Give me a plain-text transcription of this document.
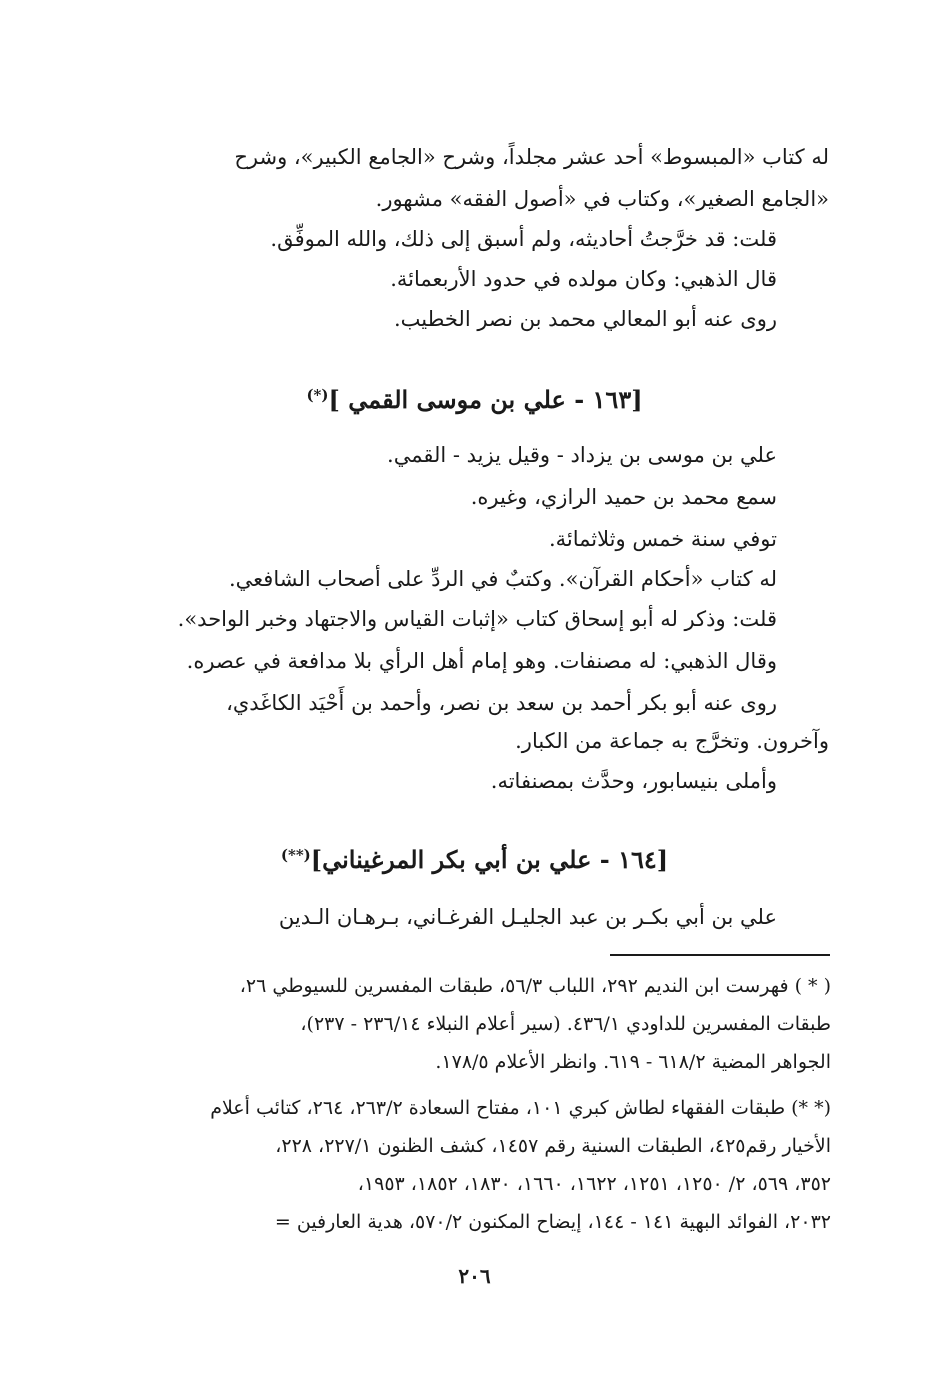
له كتاب «المبسوط» أحد عشر مجلداً، وشرح «الجامع الكبير»، وشرح
«الجامع الصغير»، وكتاب في «أصول الفقه» مشهور.
قلت: قد خرَّجتُ أحاديثه، ولم أسبق إلى ذلك، والله الموفِّق.
قال الذهبي: وكان مولده في حدود الأربعمائة.
روى عنه أبو المعالي محمد بن نصر الخطيب.
[١٦٣ - علي بن موسى القمي ](*)
علي بن موسى بن يزداد - وقيل يزيد - القمي.
سمع محمد بن حميد الرازي، وغيره.
توفي سنة خمس وثلاثمائة.
له كتاب «أحكام القرآن». وكتبٌ في الردِّ على أصحاب الشافعي.
قلت: وذكر له أبو إسحاق كتاب «إثبات القياس والاجتهاد وخبر الواحد».
وقال الذهبي: له مصنفات. وهو إمام أهل الرأي بلا مدافعة في عصره.
روى عنه أبو بكر أحمد بن سعد بن نصر، وأحمد بن أَحْيَد الكاغَدي،
وآخرون. وتخرَّج به جماعة من الكبار.
وأملى بنيسابور، وحدَّث بمصنفاته.
[١٦٤ - علي بن أبي بكر المرغيناني](**)
علي بن أبي بكـر بن عبد الجليـل الفرغـاني، بـرهـان الـدين
( * ) فهرست ابن النديم ٢٩٢، اللباب ٥٦/٣، طبقات المفسرين للسيوطي ٢٦،
طبقات المفسرين للداودي ٤٣٦/١. (سير أعلام النبلاء ٢٣٦/١٤ - ٢٣٧)،
الجواهر المضية ٦١٨/٢ - ٦١٩. وانظر الأعلام ١٧٨/٥.
(* *) طبقات الفقهاء لطاش كبري ١٠١، مفتاح السعادة ٢٦٣/٢، ٢٦٤، كتائب أعلام
الأخيار رقم٤٢٥، الطبقات السنية رقم ١٤٥٧، كشف الظنون ٢٢٧/١، ٢٢٨،
٣٥٢، ٥٦٩، ٢/ ١٢٥٠، ١٢٥١، ١٦٢٢، ١٦٦٠، ١٨٣٠، ١٨٥٢، ١٩٥٣،
٢٠٣٢، الفوائد البهية ١٤١ - ١٤٤، إيضاح المكنون ٥٧٠/٢، هدية العارفين =
٢٠٦
